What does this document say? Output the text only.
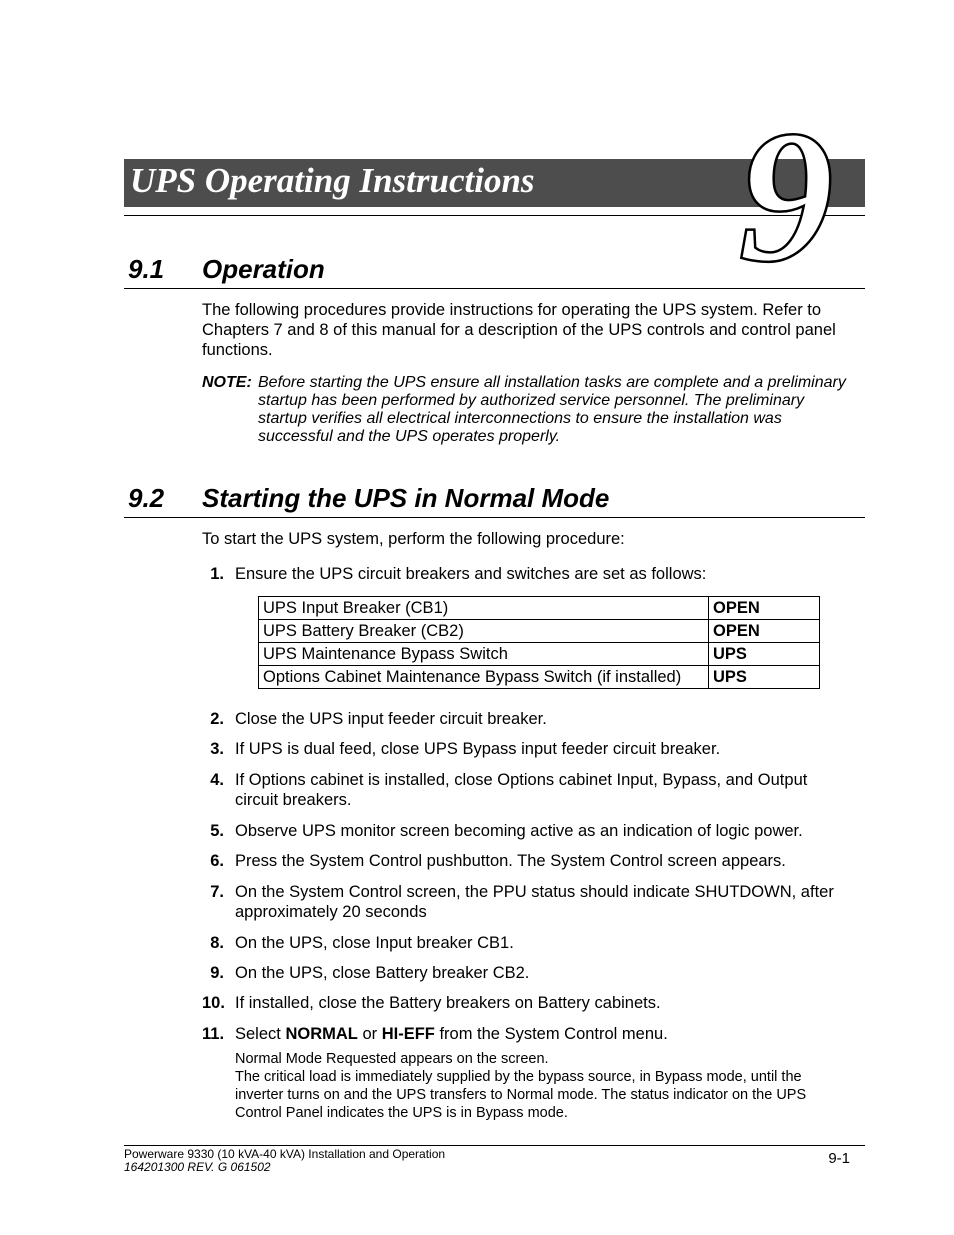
UPS Operating Instructions 9
9.1 Operation
The following procedures provide instructions for operating the UPS system. Refer to Chapters 7 and 8 of this manual for a description of the UPS controls and control panel functions.
NOTE: Before starting the UPS ensure all installation tasks are complete and a preliminary startup has been performed by authorized service personnel. The preliminary startup verifies all electrical interconnections to ensure the installation was successful and the UPS operates properly.
9.2 Starting the UPS in Normal Mode
To start the UPS system, perform the following procedure:
1. Ensure the UPS circuit breakers and switches are set as follows:
UPS Input Breaker (CB1)	OPEN
UPS Battery Breaker (CB2)	OPEN
UPS Maintenance Bypass Switch	UPS
Options Cabinet Maintenance Bypass Switch (if installed)	UPS
2. Close the UPS input feeder circuit breaker.
3. If UPS is dual feed, close UPS Bypass input feeder circuit breaker.
4. If Options cabinet is installed, close Options cabinet Input, Bypass, and Output circuit breakers.
5. Observe UPS monitor screen becoming active as an indication of logic power.
6. Press the System Control pushbutton. The System Control screen appears.
7. On the System Control screen, the PPU status should indicate SHUTDOWN, after approximately 20 seconds
8. On the UPS, close Input breaker CB1.
9. On the UPS, close Battery breaker CB2.
10. If installed, close the Battery breakers on Battery cabinets.
11. Select NORMAL or HI-EFF from the System Control menu.
Normal Mode Requested appears on the screen.
The critical load is immediately supplied by the bypass source, in Bypass mode, until the inverter turns on and the UPS transfers to Normal mode. The status indicator on the UPS Control Panel indicates the UPS is in Bypass mode.
Powerware 9330 (10 kVA-40 kVA) Installation and Operation
164201300 REV. G 061502	9-1
